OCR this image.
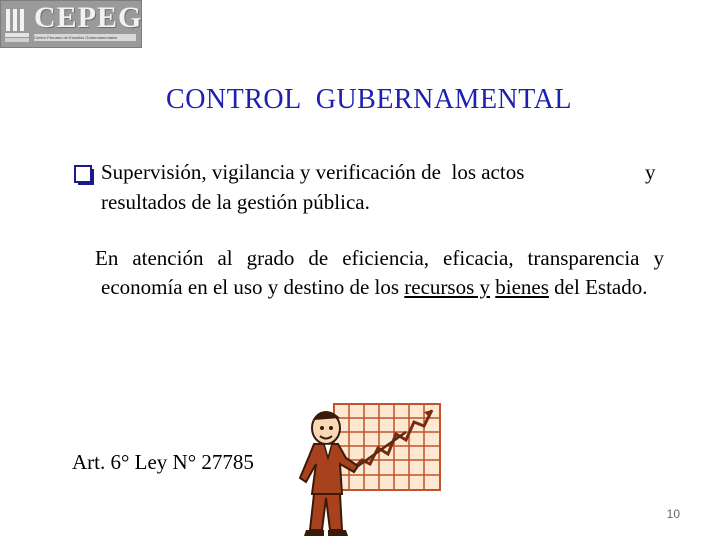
CEPEG
Centro Peruano de Estudios Gubernamentales
CONTROL  GUBERNAMENTAL
Supervisión, vigilancia y verificación de  los actos	y
resultados de la gestión pública.
En atención al grado de eficiencia, eficacia, transparencia y economía en el uso y destino de los recursos y bienes del Estado.
Art. 6° Ley N° 27785
10
